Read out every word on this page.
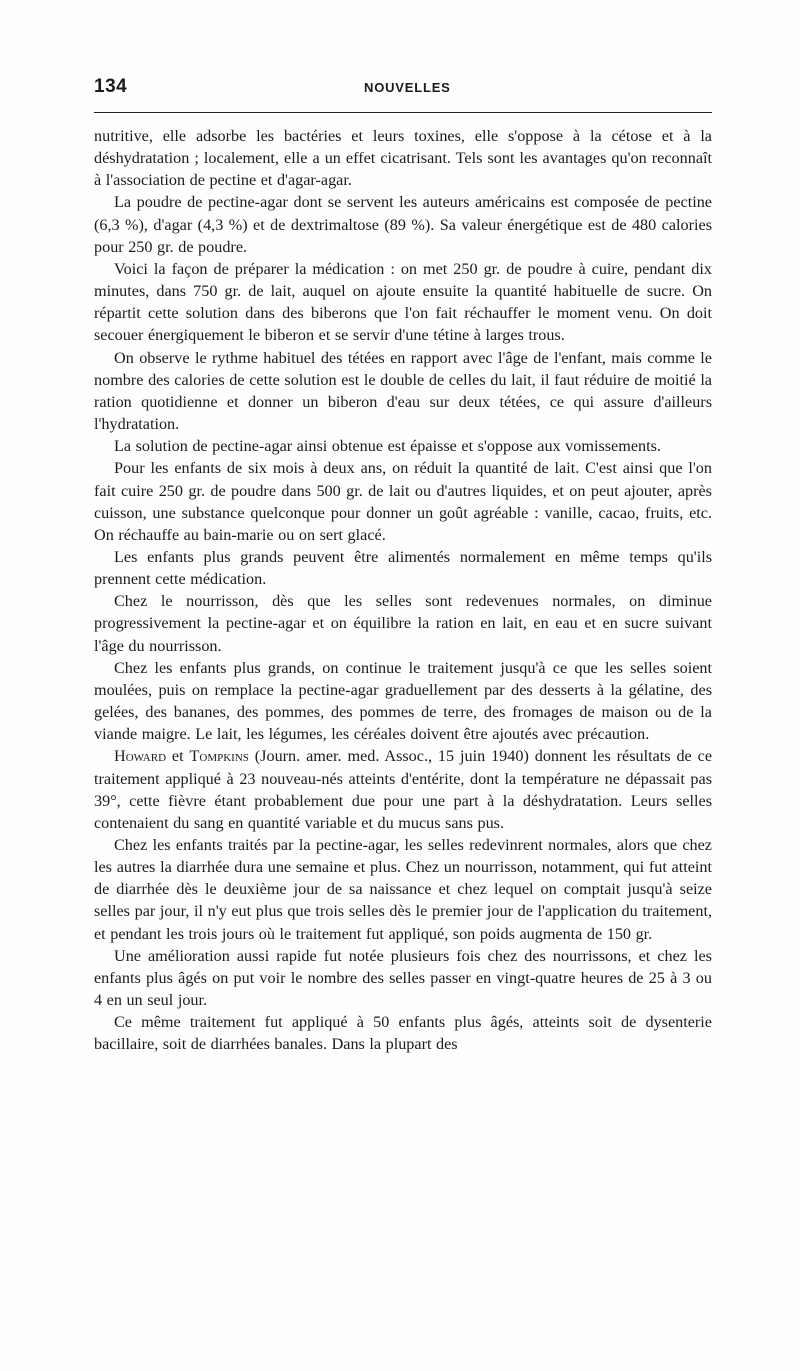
134	NOUVELLES

nutritive, elle adsorbe les bactéries et leurs toxines, elle s'oppose à la cétose et à la déshydratation ; localement, elle a un effet cicatrisant. Tels sont les avantages qu'on reconnaît à l'association de pectine et d'agar-agar.

La poudre de pectine-agar dont se servent les auteurs américains est composée de pectine (6,3 %), d'agar (4,3 %) et de dextrimaltose (89 %). Sa valeur énergétique est de 480 calories pour 250 gr. de poudre.

Voici la façon de préparer la médication : on met 250 gr. de poudre à cuire, pendant dix minutes, dans 750 gr. de lait, auquel on ajoute ensuite la quantité habituelle de sucre. On répartit cette solution dans des biberons que l'on fait réchauffer le moment venu. On doit secouer énergiquement le biberon et se servir d'une tétine à larges trous.

On observe le rythme habituel des tétées en rapport avec l'âge de l'enfant, mais comme le nombre des calories de cette solution est le double de celles du lait, il faut réduire de moitié la ration quotidienne et donner un biberon d'eau sur deux tétées, ce qui assure d'ailleurs l'hydratation.

La solution de pectine-agar ainsi obtenue est épaisse et s'oppose aux vomissements.

Pour les enfants de six mois à deux ans, on réduit la quantité de lait. C'est ainsi que l'on fait cuire 250 gr. de poudre dans 500 gr. de lait ou d'autres liquides, et on peut ajouter, après cuisson, une substance quelconque pour donner un goût agréable : vanille, cacao, fruits, etc. On réchauffe au bain-marie ou on sert glacé.

Les enfants plus grands peuvent être alimentés normalement en même temps qu'ils prennent cette médication.

Chez le nourrisson, dès que les selles sont redevenues normales, on diminue progressivement la pectine-agar et on équilibre la ration en lait, en eau et en sucre suivant l'âge du nourrisson.

Chez les enfants plus grands, on continue le traitement jusqu'à ce que les selles soient moulées, puis on remplace la pectine-agar graduellement par des desserts à la gélatine, des gelées, des bananes, des pommes, des pommes de terre, des fromages de maison ou de la viande maigre. Le lait, les légumes, les céréales doivent être ajoutés avec précaution.

Howard et Tompkins (Journ. amer. med. Assoc., 15 juin 1940) donnent les résultats de ce traitement appliqué à 23 nouveau-nés atteints d'entérite, dont la température ne dépassait pas 39°, cette fièvre étant probablement due pour une part à la déshydratation. Leurs selles contenaient du sang en quantité variable et du mucus sans pus.

Chez les enfants traités par la pectine-agar, les selles redevinrent normales, alors que chez les autres la diarrhée dura une semaine et plus. Chez un nourrisson, notamment, qui fut atteint de diarrhée dès le deuxième jour de sa naissance et chez lequel on comptait jusqu'à seize selles par jour, il n'y eut plus que trois selles dès le premier jour de l'application du traitement, et pendant les trois jours où le traitement fut appliqué, son poids augmenta de 150 gr.

Une amélioration aussi rapide fut notée plusieurs fois chez des nourrissons, et chez les enfants plus âgés on put voir le nombre des selles passer en vingt-quatre heures de 25 à 3 ou 4 en un seul jour.

Ce même traitement fut appliqué à 50 enfants plus âgés, atteints soit de dysenterie bacillaire, soit de diarrhées banales. Dans la plupart des
